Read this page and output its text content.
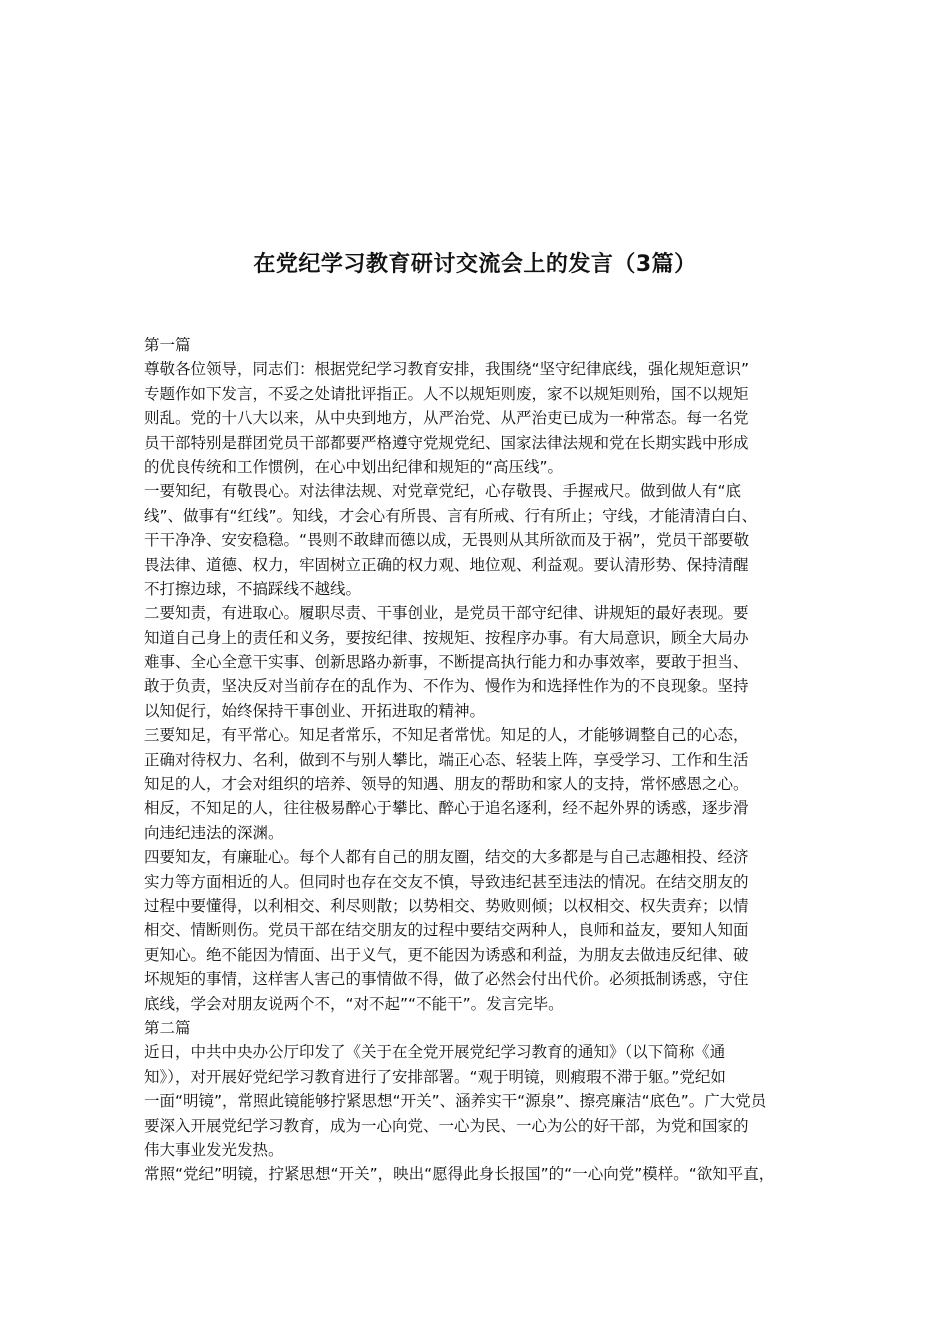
在党纪学习教育研讨交流会上的发言（3篇）
第一篇
尊敬各位领导，同志们：根据党纪学习教育安排，我围绕“坚守纪律底线，强化规矩意识”
专题作如下发言，不妥之处请批评指正。人不以规矩则废，家不以规矩则殆，国不以规矩
则乱。党的十八大以来，从中央到地方，从严治党、从严治吏已成为一种常态。每一名党
员干部特别是群团党员干部都要严格遵守党规党纪、国家法律法规和党在长期实践中形成
的优良传统和工作惯例，在心中划出纪律和规矩的“高压线”。
一要知纪，有敬畏心。对法律法规、对党章党纪，心存敬畏、手握戒尺。做到做人有“底
线”、做事有“红线”。知线，才会心有所畏、言有所戒、行有所止；守线，才能清清白白、
干干净净、安安稳稳。“畏则不敢肆而德以成，无畏则从其所欲而及于祸”，党员干部要敬
畏法律、道德、权力，牢固树立正确的权力观、地位观、利益观。要认清形势、保持清醒
不打擦边球，不搞踩线不越线。
二要知责，有进取心。履职尽责、干事创业，是党员干部守纪律、讲规矩的最好表现。要
知道自己身上的责任和义务，要按纪律、按规矩、按程序办事。有大局意识，顾全大局办
难事、全心全意干实事、创新思路办新事，不断提高执行能力和办事效率，要敢于担当、
敢于负责，坚决反对当前存在的乱作为、不作为、慢作为和选择性作为的不良现象。坚持
以知促行，始终保持干事创业、开拓进取的精神。
三要知足，有平常心。知足者常乐，不知足者常忧。知足的人，才能够调整自己的心态，
正确对待权力、名利，做到不与别人攀比，端正心态、轻装上阵，享受学习、工作和生活
知足的人，才会对组织的培养、领导的知遇、朋友的帮助和家人的支持，常怀感恩之心。
相反，不知足的人，往往极易醉心于攀比、醉心于追名逐利，经不起外界的诱惑，逐步滑
向违纪违法的深渊。
四要知友，有廉耻心。每个人都有自己的朋友圈，结交的大多都是与自己志趣相投、经济
实力等方面相近的人。但同时也存在交友不慎，导致违纪甚至违法的情况。在结交朋友的
过程中要懂得，以利相交、利尽则散；以势相交、势败则倾；以权相交、权失责弃；以情
相交、情断则伤。党员干部在结交朋友的过程中要结交两种人，良师和益友，要知人知面
更知心。绝不能因为情面、出于义气，更不能因为诱惑和利益，为朋友去做违反纪律、破
坏规矩的事情，这样害人害己的事情做不得，做了必然会付出代价。必须抵制诱惑，守住
底线，学会对朋友说两个不，“对不起”“不能干”。发言完毕。
第二篇
近日，中共中央办公厅印发了《关于在全党开展党纪学习教育的通知》（以下简称《通
知》），对开展好党纪学习教育进行了安排部署。“观于明镜，则瘕瑕不滞于躯。”党纪如
一面“明镜”，常照此镜能够拧紧思想“开关”、涵养实干“源泉”、擦亮廉洁“底色”。广大党员
要深入开展党纪学习教育，成为一心向党、一心为民、一心为公的好干部，为党和国家的
伟大事业发光发热。
常照“党纪”明镜，拧紧思想“开关”，映出“愿得此身长报国”的“一心向党”模样。“欲知平直，
